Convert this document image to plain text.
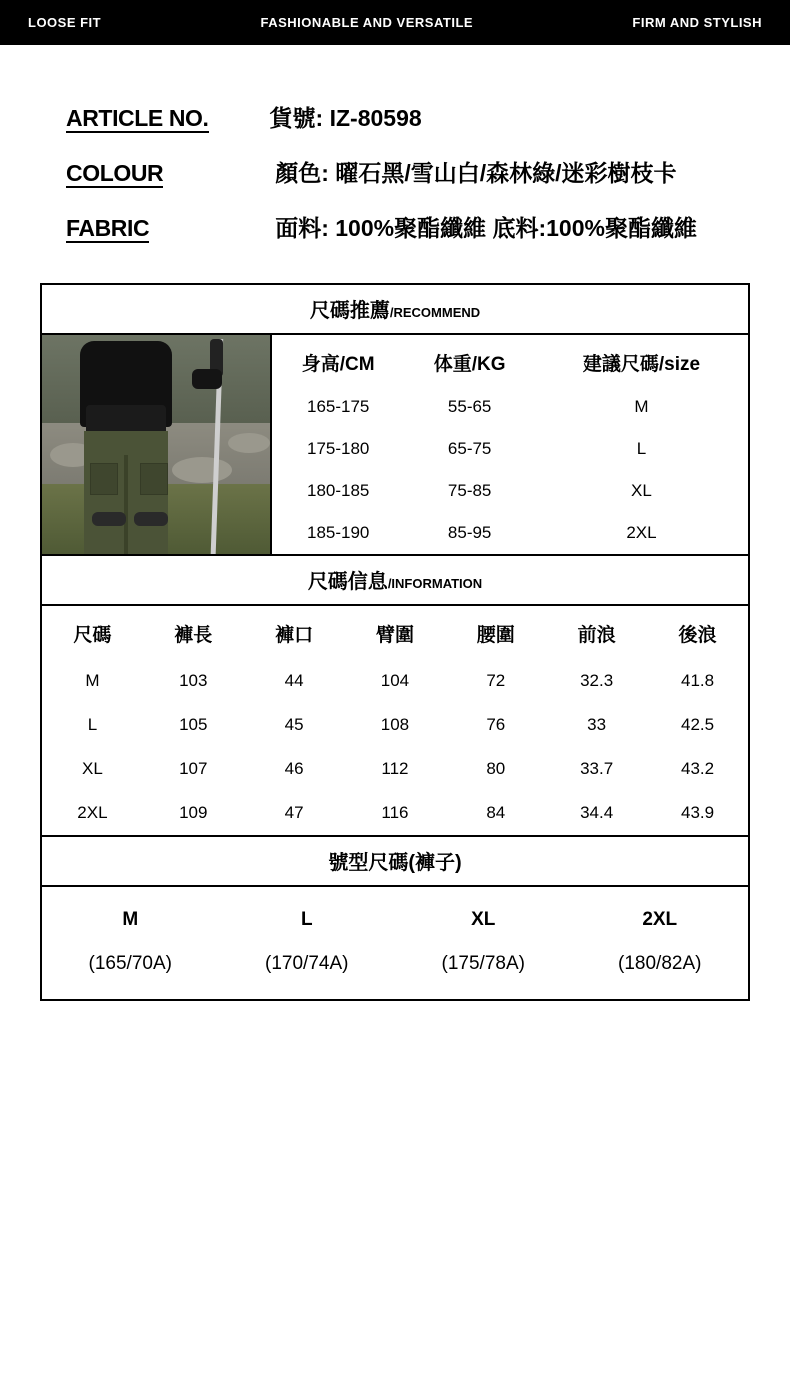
LOOSE FIT	FASHIONABLE AND VERSATILE	FIRM AND STYLISH
ARTICLE NO.	貨號: IZ-80598
COLOUR	顏色: 曜石黑/雪山白/森林綠/迷彩樹枝卡
FABRIC	面料: 100%聚酯纖維 底料:100%聚酯纖維
尺碼推薦/RECOMMEND
身高/CM	体重/KG	建議尺碼/size
165-175	55-65	M
175-180	65-75	L
180-185	75-85	XL
185-190	85-95	2XL
尺碼信息/INFORMATION
尺碼	褲長	褲口	臂圍	腰圍	前浪	後浪
M	103	44	104	72	32.3	41.8
L	105	45	108	76	33	42.5
XL	107	46	112	80	33.7	43.2
2XL	109	47	116	84	34.4	43.9
號型尺碼(褲子)
M	L	XL	2XL
(165/70A)	(170/74A)	(175/78A)	(180/82A)
